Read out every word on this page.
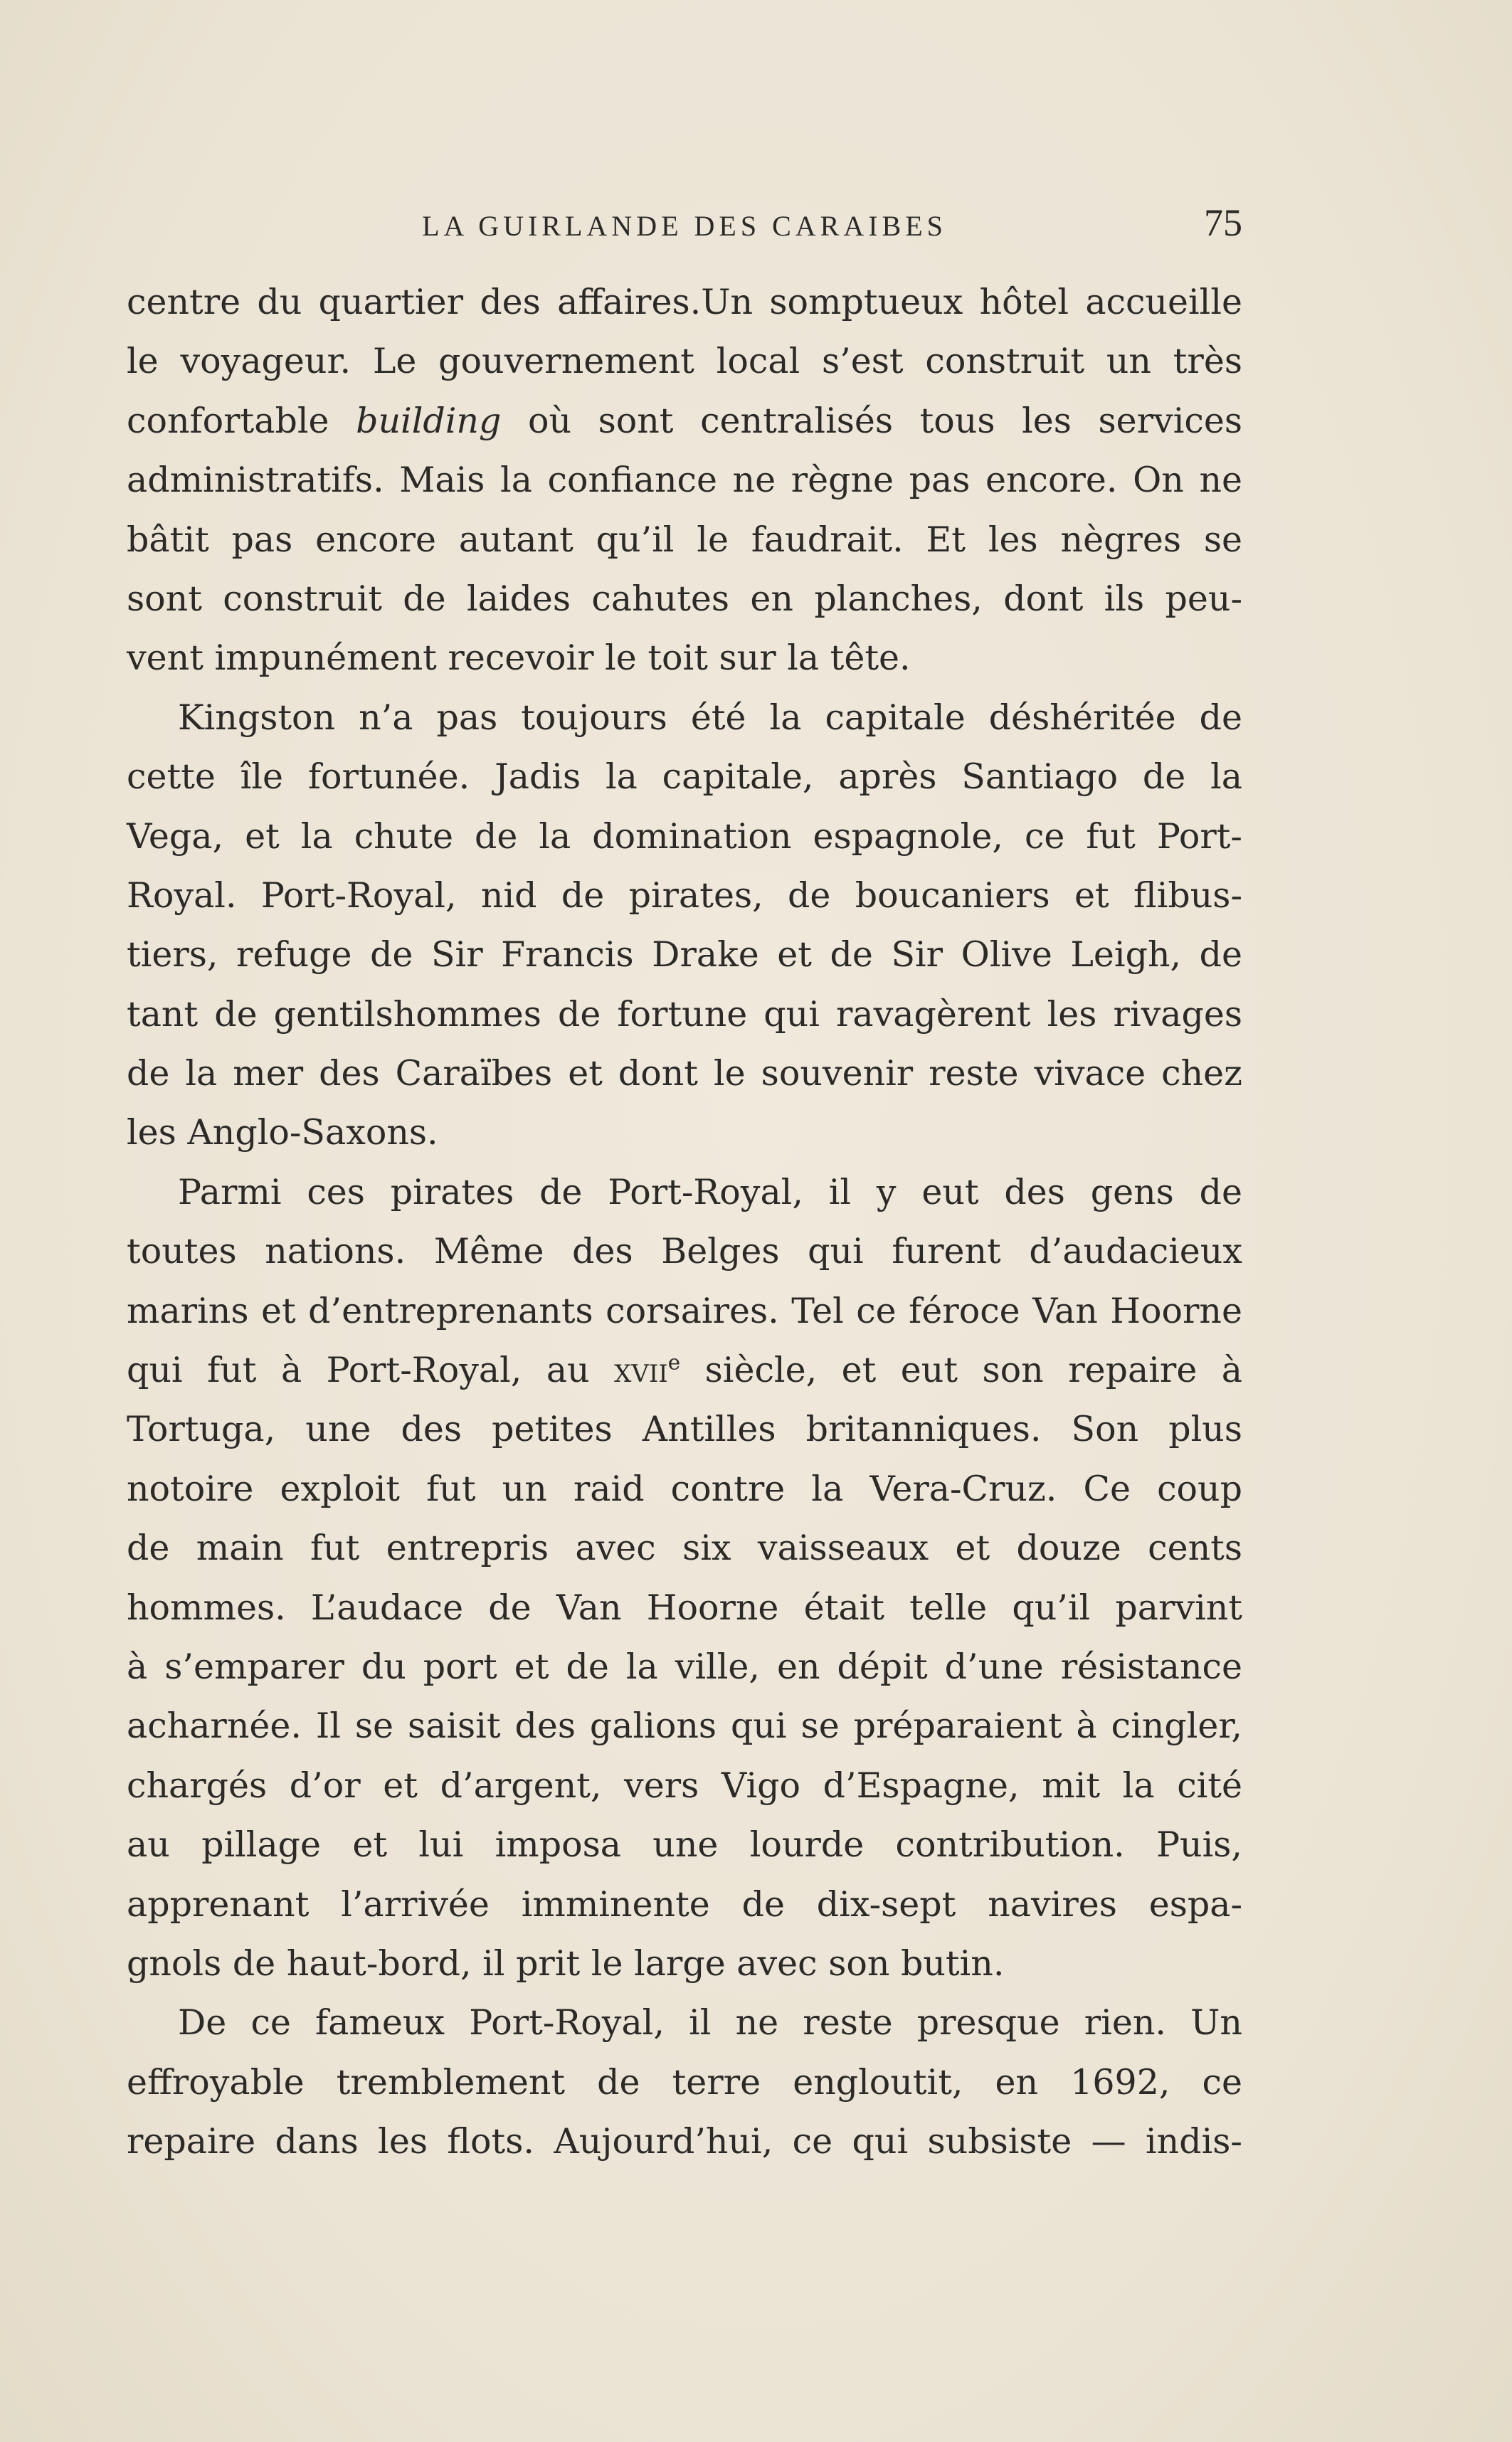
LA GUIRLANDE DES CARAIBES	75
centre du quartier des affaires.Un somptueux hôtel accueille
le voyageur. Le gouvernement local s’est construit un très
confortable building où sont centralisés tous les services
administratifs. Mais la confiance ne règne pas encore. On ne
bâtit pas encore autant qu’il le faudrait. Et les nègres se
sont construit de laides cahutes en planches, dont ils peu-
vent impunément recevoir le toit sur la tête.
Kingston n’a pas toujours été la capitale déshéritée de
cette île fortunée. Jadis la capitale, après Santiago de la
Vega, et la chute de la domination espagnole, ce fut Port-
Royal. Port-Royal, nid de pirates, de boucaniers et flibus-
tiers, refuge de Sir Francis Drake et de Sir Olive Leigh, de
tant de gentilshommes de fortune qui ravagèrent les rivages
de la mer des Caraïbes et dont le souvenir reste vivace chez
les Anglo-Saxons.
Parmi ces pirates de Port-Royal, il y eut des gens de
toutes nations. Même des Belges qui furent d’audacieux
marins et d’entreprenants corsaires. Tel ce féroce Van Hoorne
qui fut à Port-Royal, au xvii$^e$ siècle, et eut son repaire à
Tortuga, une des petites Antilles britanniques. Son plus
notoire exploit fut un raid contre la Vera-Cruz. Ce coup
de main fut entrepris avec six vaisseaux et douze cents
hommes. L’audace de Van Hoorne était telle qu’il parvint
à s’emparer du port et de la ville, en dépit d’une résistance
acharnée. Il se saisit des galions qui se préparaient à cingler,
chargés d’or et d’argent, vers Vigo d’Espagne, mit la cité
au pillage et lui imposa une lourde contribution. Puis,
apprenant l’arrivée imminente de dix-sept navires espa-
gnols de haut-bord, il prit le large avec son butin.
De ce fameux Port-Royal, il ne reste presque rien. Un
effroyable tremblement de terre engloutit, en 1692, ce
repaire dans les flots. Aujourd’hui, ce qui subsiste — indis-
